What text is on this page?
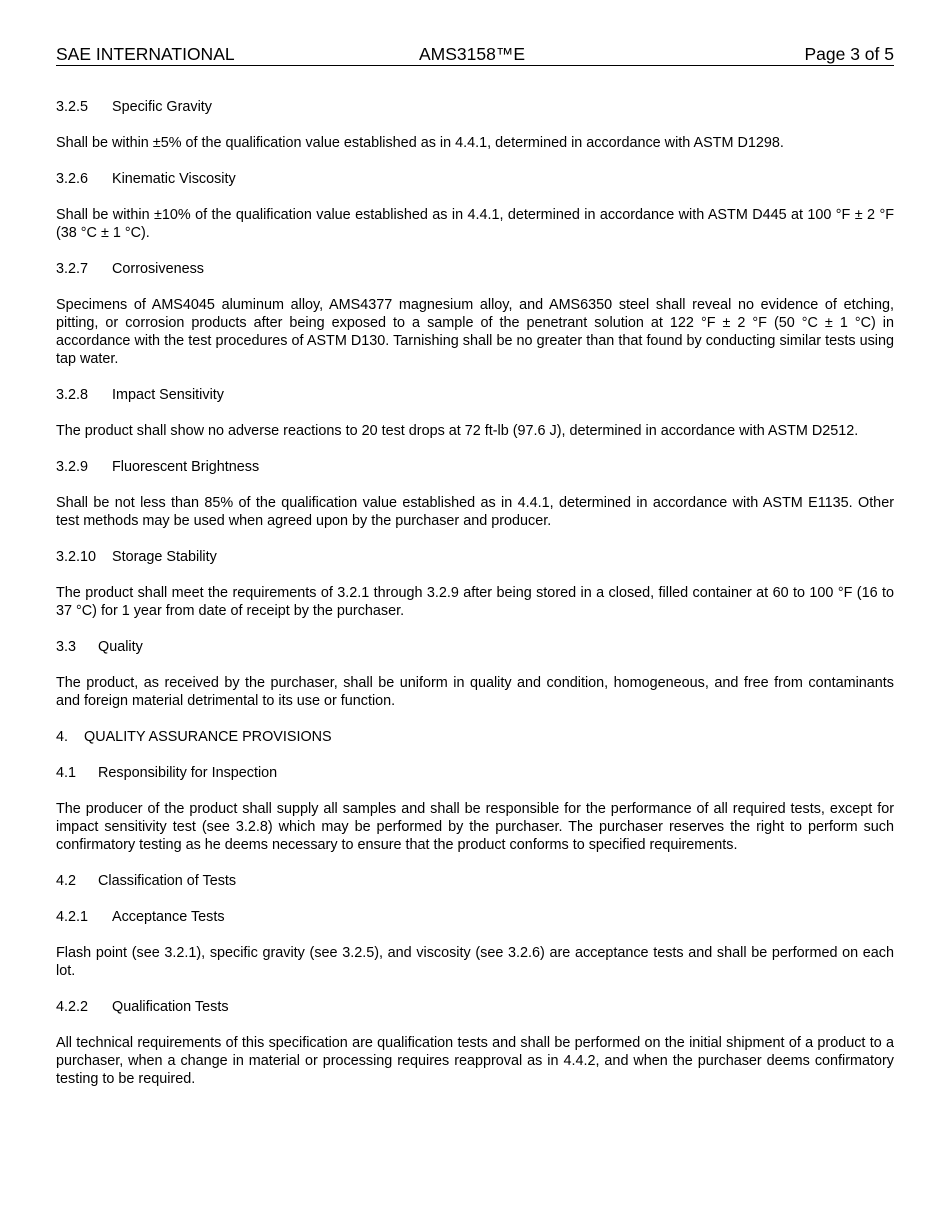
SAE INTERNATIONAL	AMS3158™E	Page 3 of 5
3.2.5 Specific Gravity

Shall be within ±5% of the qualification value established as in 4.4.1, determined in accordance with ASTM D1298.

3.2.6 Kinematic Viscosity

Shall be within ±10% of the qualification value established as in 4.4.1, determined in accordance with ASTM D445 at 100 °F ± 2 °F (38 °C ± 1 °C).

3.2.7 Corrosiveness

Specimens of AMS4045 aluminum alloy, AMS4377 magnesium alloy, and AMS6350 steel shall reveal no evidence of etching, pitting, or corrosion products after being exposed to a sample of the penetrant solution at 122 °F ± 2 °F (50 °C ± 1 °C) in accordance with the test procedures of ASTM D130. Tarnishing shall be no greater than that found by conducting similar tests using tap water.

3.2.8 Impact Sensitivity

The product shall show no adverse reactions to 20 test drops at 72 ft-lb (97.6 J), determined in accordance with ASTM D2512.

3.2.9 Fluorescent Brightness

Shall be not less than 85% of the qualification value established as in 4.4.1, determined in accordance with ASTM E1135. Other test methods may be used when agreed upon by the purchaser and producer.

3.2.10 Storage Stability

The product shall meet the requirements of 3.2.1 through 3.2.9 after being stored in a closed, filled container at 60 to 100 °F (16 to 37 °C) for 1 year from date of receipt by the purchaser.

3.3 Quality

The product, as received by the purchaser, shall be uniform in quality and condition, homogeneous, and free from contaminants and foreign material detrimental to its use or function.

4. QUALITY ASSURANCE PROVISIONS
4.1 Responsibility for Inspection

The producer of the product shall supply all samples and shall be responsible for the performance of all required tests, except for impact sensitivity test (see 3.2.8) which may be performed by the purchaser. The purchaser reserves the right to perform such confirmatory testing as he deems necessary to ensure that the product conforms to specified requirements.

4.2 Classification of Tests
4.2.1 Acceptance Tests

Flash point (see 3.2.1), specific gravity (see 3.2.5), and viscosity (see 3.2.6) are acceptance tests and shall be performed on each lot.

4.2.2 Qualification Tests

All technical requirements of this specification are qualification tests and shall be performed on the initial shipment of a product to a purchaser, when a change in material or processing requires reapproval as in 4.4.2, and when the purchaser deems confirmatory testing to be required.
